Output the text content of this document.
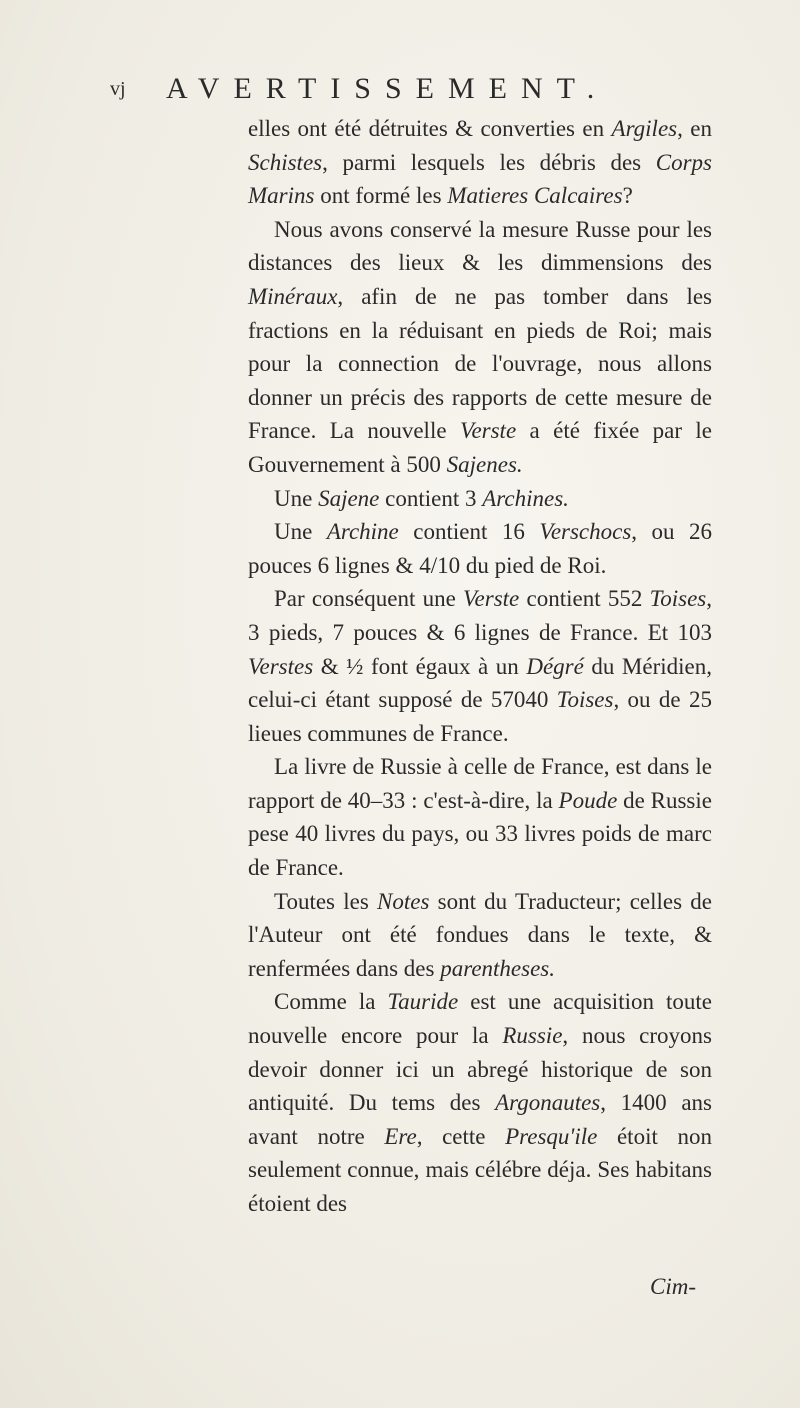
vj AVERTISSEMENT.

elles ont été détruites & converties en Argiles, en Schistes, parmi lesquels les débris des Corps Marins ont formé les Matieres Calcaires?

Nous avons conservé la mesure Russe pour les distances des lieux & les dimmensions des Minéraux, afin de ne pas tomber dans les fractions en la réduisant en pieds de Roi; mais pour la connection de l'ouvrage, nous allons donner un précis des rapports de cette mesure de France. La nouvelle Verste a été fixée par le Gouvernement à 500 Sajenes.

Une Sajene contient 3 Archines.

Une Archine contient 16 Verschocs, ou 26 pouces 6 lignes & 4/10 du pied de Roi.

Par conséquent une Verste contient 552 Toises, 3 pieds, 7 pouces & 6 lignes de France. Et 103 Verstes & ½ font égaux à un Dégré du Méridien, celui-ci étant supposé de 57040 Toises, ou de 25 lieues communes de France.

La livre de Russie à celle de France, est dans le rapport de 40–33 : c'est-à-dire, la Poude de Russie pese 40 livres du pays, ou 33 livres poids de marc de France.

Toutes les Notes sont du Traducteur; celles de l'Auteur ont été fondues dans le texte, & renfermées dans des parentheses.

Comme la Tauride est une acquisition toute nouvelle encore pour la Russie, nous croyons devoir donner ici un abregé historique de son antiquité. Du tems des Argonautes, 1400 ans avant notre Ere, cette Presqu'ile étoit non seulement connue, mais célébre déja. Ses habitans étoient des

Cim-
